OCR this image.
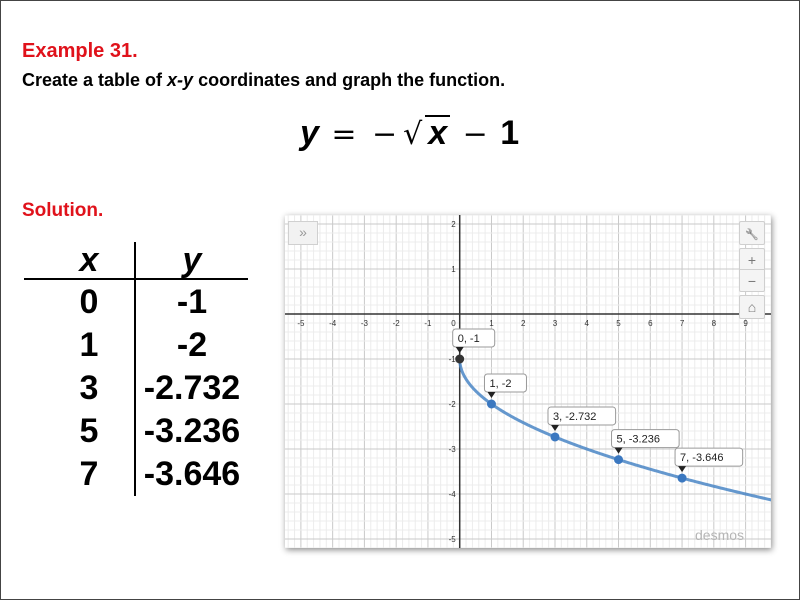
Example 31.
Create a table of x-y coordinates and graph the function.
y = − √ x − 1
Solution.
x	y
0	-1
1	-2
3	-2.732
5	-3.236
7	-3.646
-5	-4	-3	-2	-1	1	2	3	4	5	6	7	8	9
2
1
-1
-2
-3
-4
-5
0
0, -1
1, -2
3, -2.732
5, -3.236
7, -3.646
»	🔧
+
−
⌂
desmos
